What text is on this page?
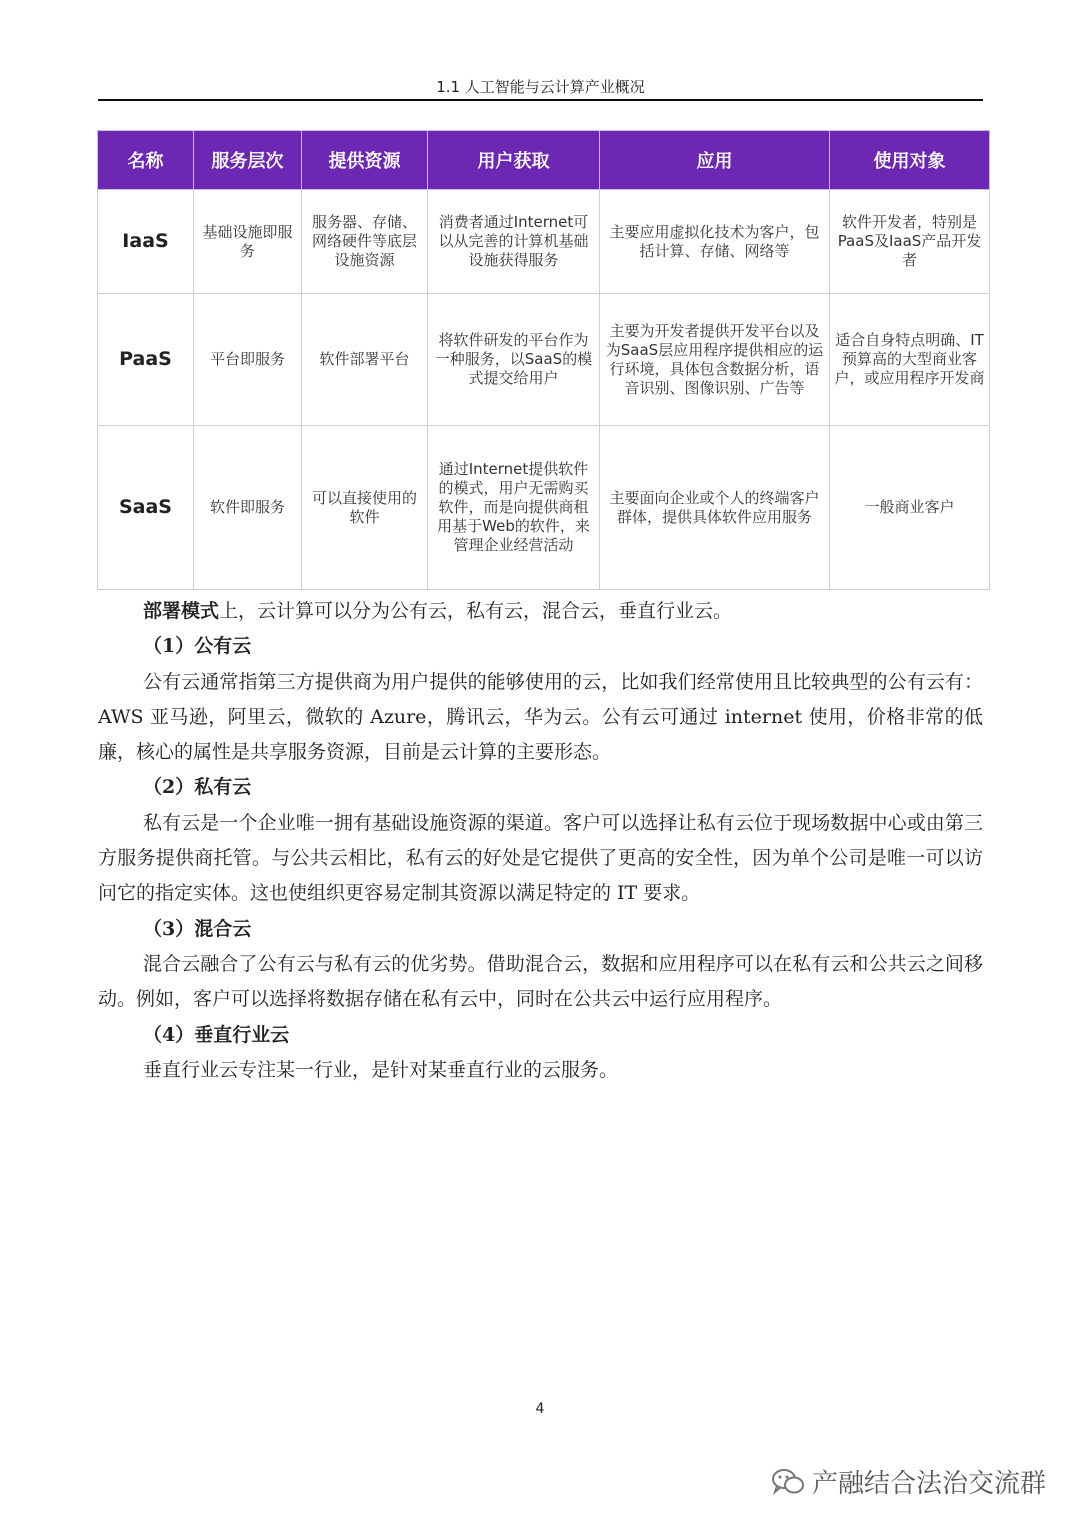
1.1 人工智能与云计算产业概况
名称	服务层次	提供资源	用户获取	应用	使用对象
IaaS	基础设施即服务	服务器、存储、网络硬件等底层设施资源	消费者通过Internet可以从完善的计算机基础设施获得服务	主要应用虚拟化技术为客户，包括计算、存储、网络等	软件开发者，特别是PaaS及IaaS产品开发者
PaaS	平台即服务	软件部署平台	将软件研发的平台作为一种服务，以SaaS的模式提交给用户	主要为开发者提供开发平台以及为SaaS层应用程序提供相应的运行环境，具体包含数据分析，语音识别、图像识别、广告等	适合自身特点明确、IT预算高的大型商业客户，或应用程序开发商
SaaS	软件即服务	可以直接使用的软件	通过Internet提供软件的模式，用户无需购买软件，而是向提供商租用基于Web的软件，来管理企业经营活动	主要面向企业或个人的终端客户群体，提供具体软件应用服务	一般商业客户

部署模式上，云计算可以分为公有云，私有云，混合云，垂直行业云。

（1）公有云

公有云通常指第三方提供商为用户提供的能够使用的云，比如我们经常使用且比较典型的公有云有：AWS 亚马逊，阿里云，微软的 Azure，腾讯云，华为云。公有云可通过 internet 使用，价格非常的低廉，核心的属性是共享服务资源，目前是云计算的主要形态。

（2）私有云

私有云是一个企业唯一拥有基础设施资源的渠道。客户可以选择让私有云位于现场数据中心或由第三方服务提供商托管。与公共云相比，私有云的好处是它提供了更高的安全性，因为单个公司是唯一可以访问它的指定实体。这也使组织更容易定制其资源以满足特定的 IT 要求。

（3）混合云

混合云融合了公有云与私有云的优劣势。借助混合云，数据和应用程序可以在私有云和公共云之间移动。例如，客户可以选择将数据存储在私有云中，同时在公共云中运行应用程序。

（4）垂直行业云

垂直行业云专注某一行业，是针对某垂直行业的云服务。

4
产融结合法治交流群
